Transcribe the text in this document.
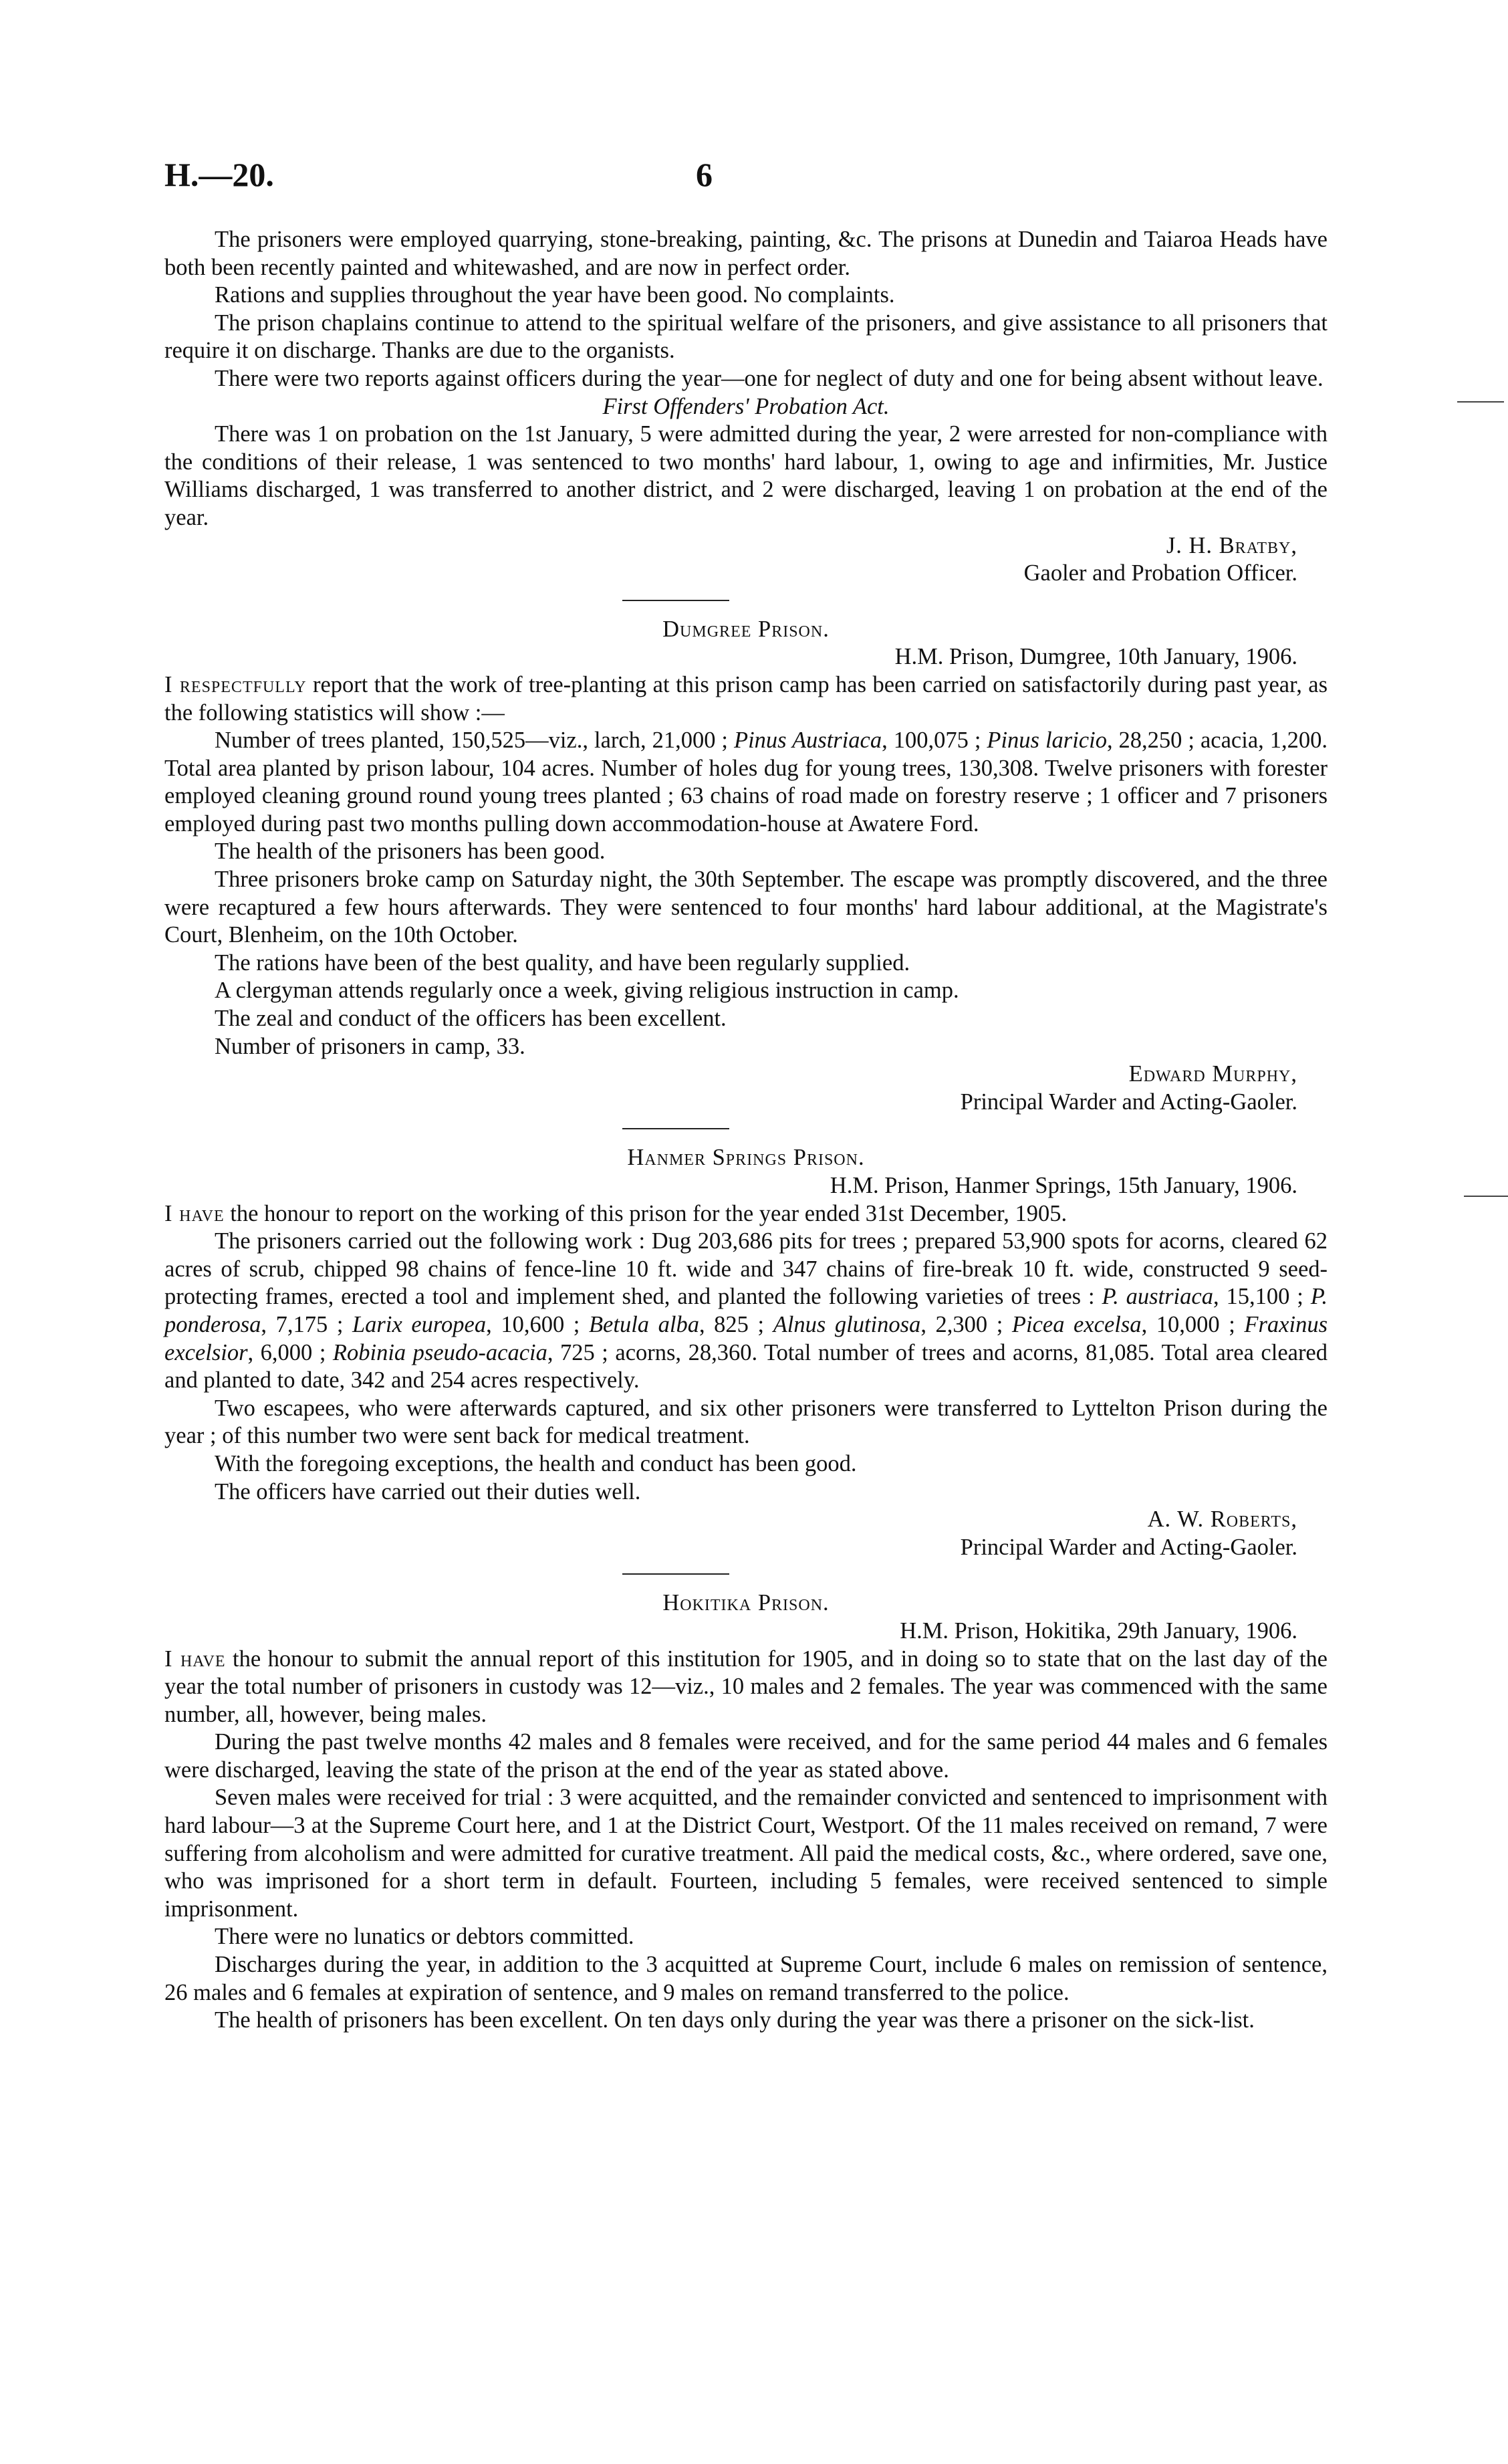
H.—20.	6

The prisoners were employed quarrying, stone-breaking, painting, &c. The prisons at Dunedin and Taiaroa Heads have both been recently painted and whitewashed, and are now in perfect order.

Rations and supplies throughout the year have been good. No complaints.

The prison chaplains continue to attend to the spiritual welfare of the prisoners, and give assistance to all prisoners that require it on discharge. Thanks are due to the organists.

There were two reports against officers during the year—one for neglect of duty and one for being absent without leave.

First Offenders' Probation Act.

There was 1 on probation on the 1st January, 5 were admitted during the year, 2 were arrested for non-compliance with the conditions of their release, 1 was sentenced to two months' hard labour, 1, owing to age and infirmities, Mr. Justice Williams discharged, 1 was transferred to another district, and 2 were discharged, leaving 1 on probation at the end of the year.

J. H. Bratby,

Gaoler and Probation Officer.

Dumgree Prison.

H.M. Prison, Dumgree, 10th January, 1906.

I respectfully report that the work of tree-planting at this prison camp has been carried on satisfactorily during past year, as the following statistics will show :—

Number of trees planted, 150,525—viz., larch, 21,000 ; Pinus Austriaca, 100,075 ; Pinus laricio, 28,250 ; acacia, 1,200. Total area planted by prison labour, 104 acres. Number of holes dug for young trees, 130,308. Twelve prisoners with forester employed cleaning ground round young trees planted ; 63 chains of road made on forestry reserve ; 1 officer and 7 prisoners employed during past two months pulling down accommodation-house at Awatere Ford.

The health of the prisoners has been good.

Three prisoners broke camp on Saturday night, the 30th September. The escape was promptly discovered, and the three were recaptured a few hours afterwards. They were sentenced to four months' hard labour additional, at the Magistrate's Court, Blenheim, on the 10th October.

The rations have been of the best quality, and have been regularly supplied.

A clergyman attends regularly once a week, giving religious instruction in camp.

The zeal and conduct of the officers has been excellent.

Number of prisoners in camp, 33.

Edward Murphy,

Principal Warder and Acting-Gaoler.

Hanmer Springs Prison.

H.M. Prison, Hanmer Springs, 15th January, 1906.

I have the honour to report on the working of this prison for the year ended 31st December, 1905.

The prisoners carried out the following work : Dug 203,686 pits for trees ; prepared 53,900 spots for acorns, cleared 62 acres of scrub, chipped 98 chains of fence-line 10 ft. wide and 347 chains of fire-break 10 ft. wide, constructed 9 seed-protecting frames, erected a tool and implement shed, and planted the following varieties of trees : P. austriaca, 15,100 ; P. ponderosa, 7,175 ; Larix europea, 10,600 ; Betula alba, 825 ; Alnus glutinosa, 2,300 ; Picea excelsa, 10,000 ; Fraxinus excelsior, 6,000 ; Robinia pseudo-acacia, 725 ; acorns, 28,360. Total number of trees and acorns, 81,085. Total area cleared and planted to date, 342 and 254 acres respectively.

Two escapees, who were afterwards captured, and six other prisoners were transferred to Lyttelton Prison during the year ; of this number two were sent back for medical treatment.

With the foregoing exceptions, the health and conduct has been good.

The officers have carried out their duties well.

A. W. Roberts,

Principal Warder and Acting-Gaoler.

Hokitika Prison.

H.M. Prison, Hokitika, 29th January, 1906.

I have the honour to submit the annual report of this institution for 1905, and in doing so to state that on the last day of the year the total number of prisoners in custody was 12—viz., 10 males and 2 females. The year was commenced with the same number, all, however, being males.

During the past twelve months 42 males and 8 females were received, and for the same period 44 males and 6 females were discharged, leaving the state of the prison at the end of the year as stated above.

Seven males were received for trial : 3 were acquitted, and the remainder convicted and sentenced to imprisonment with hard labour—3 at the Supreme Court here, and 1 at the District Court, Westport. Of the 11 males received on remand, 7 were suffering from alcoholism and were admitted for curative treatment. All paid the medical costs, &c., where ordered, save one, who was imprisoned for a short term in default. Fourteen, including 5 females, were received sentenced to simple imprisonment.

There were no lunatics or debtors committed.

Discharges during the year, in addition to the 3 acquitted at Supreme Court, include 6 males on remission of sentence, 26 males and 6 females at expiration of sentence, and 9 males on remand transferred to the police.

The health of prisoners has been excellent. On ten days only during the year was there a prisoner on the sick-list.
